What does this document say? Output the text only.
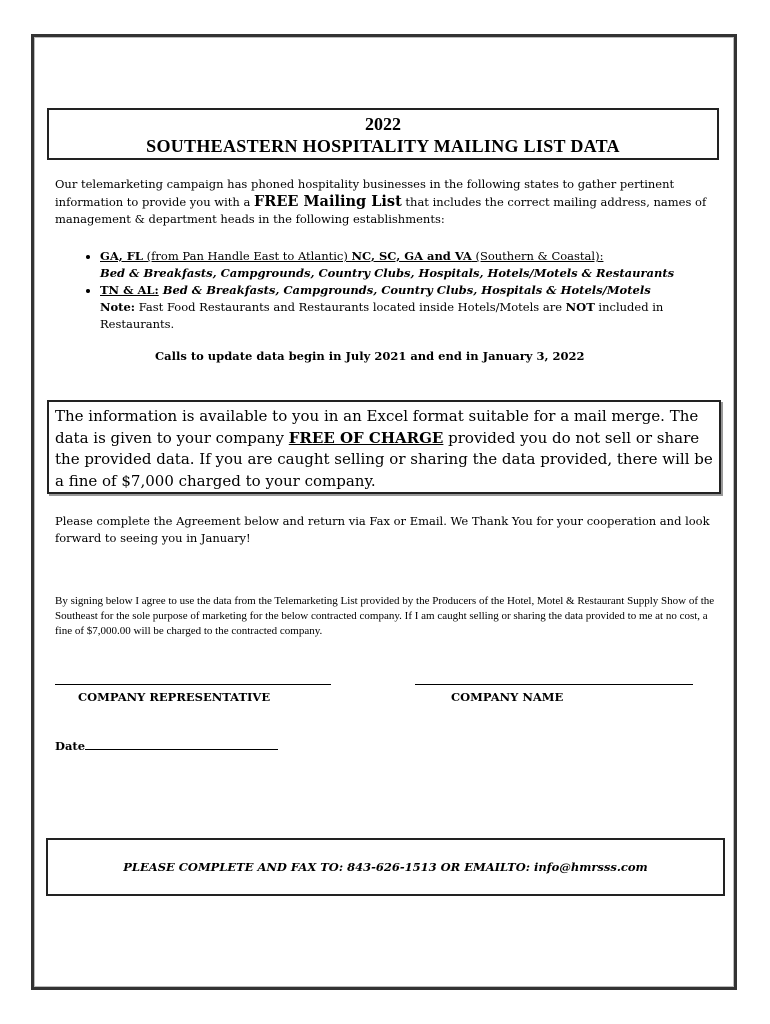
2022
SOUTHEASTERN HOSPITALITY MAILING LIST DATA
Our telemarketing campaign has phoned hospitality businesses in the following states to gather pertinent information to provide you with a FREE Mailing List that includes the correct mailing address, names of management & department heads in the following establishments:
• GA, FL (from Pan Handle East to Atlantic) NC, SC, GA and VA (Southern & Coastal):
Bed & Breakfasts, Campgrounds, Country Clubs, Hospitals, Hotels/Motels & Restaurants
• TN & AL: Bed & Breakfasts, Campgrounds, Country Clubs, Hospitals & Hotels/Motels
Note: Fast Food Restaurants and Restaurants located inside Hotels/Motels are NOT included in Restaurants.
Calls to update data begin in July 2021 and end in January 3, 2022
The information is available to you in an Excel format suitable for a mail merge. The data is given to your company FREE OF CHARGE provided you do not sell or share the provided data. If you are caught selling or sharing the data provided, there will be a fine of $7,000 charged to your company.
Please complete the Agreement below and return via Fax or Email. We Thank You for your cooperation and look forward to seeing you in January!
By signing below I agree to use the data from the Telemarketing List provided by the Producers of the Hotel, Motel & Restaurant Supply Show of the Southeast for the sole purpose of marketing for the below contracted company. If I am caught selling or sharing the data provided to me at no cost, a fine of $7,000.00 will be charged to the contracted company.
COMPANY REPRESENTATIVE	COMPANY NAME
Date
PLEASE COMPLETE AND FAX TO: 843-626-1513 OR EMAILTO: info@hmrsss.com
